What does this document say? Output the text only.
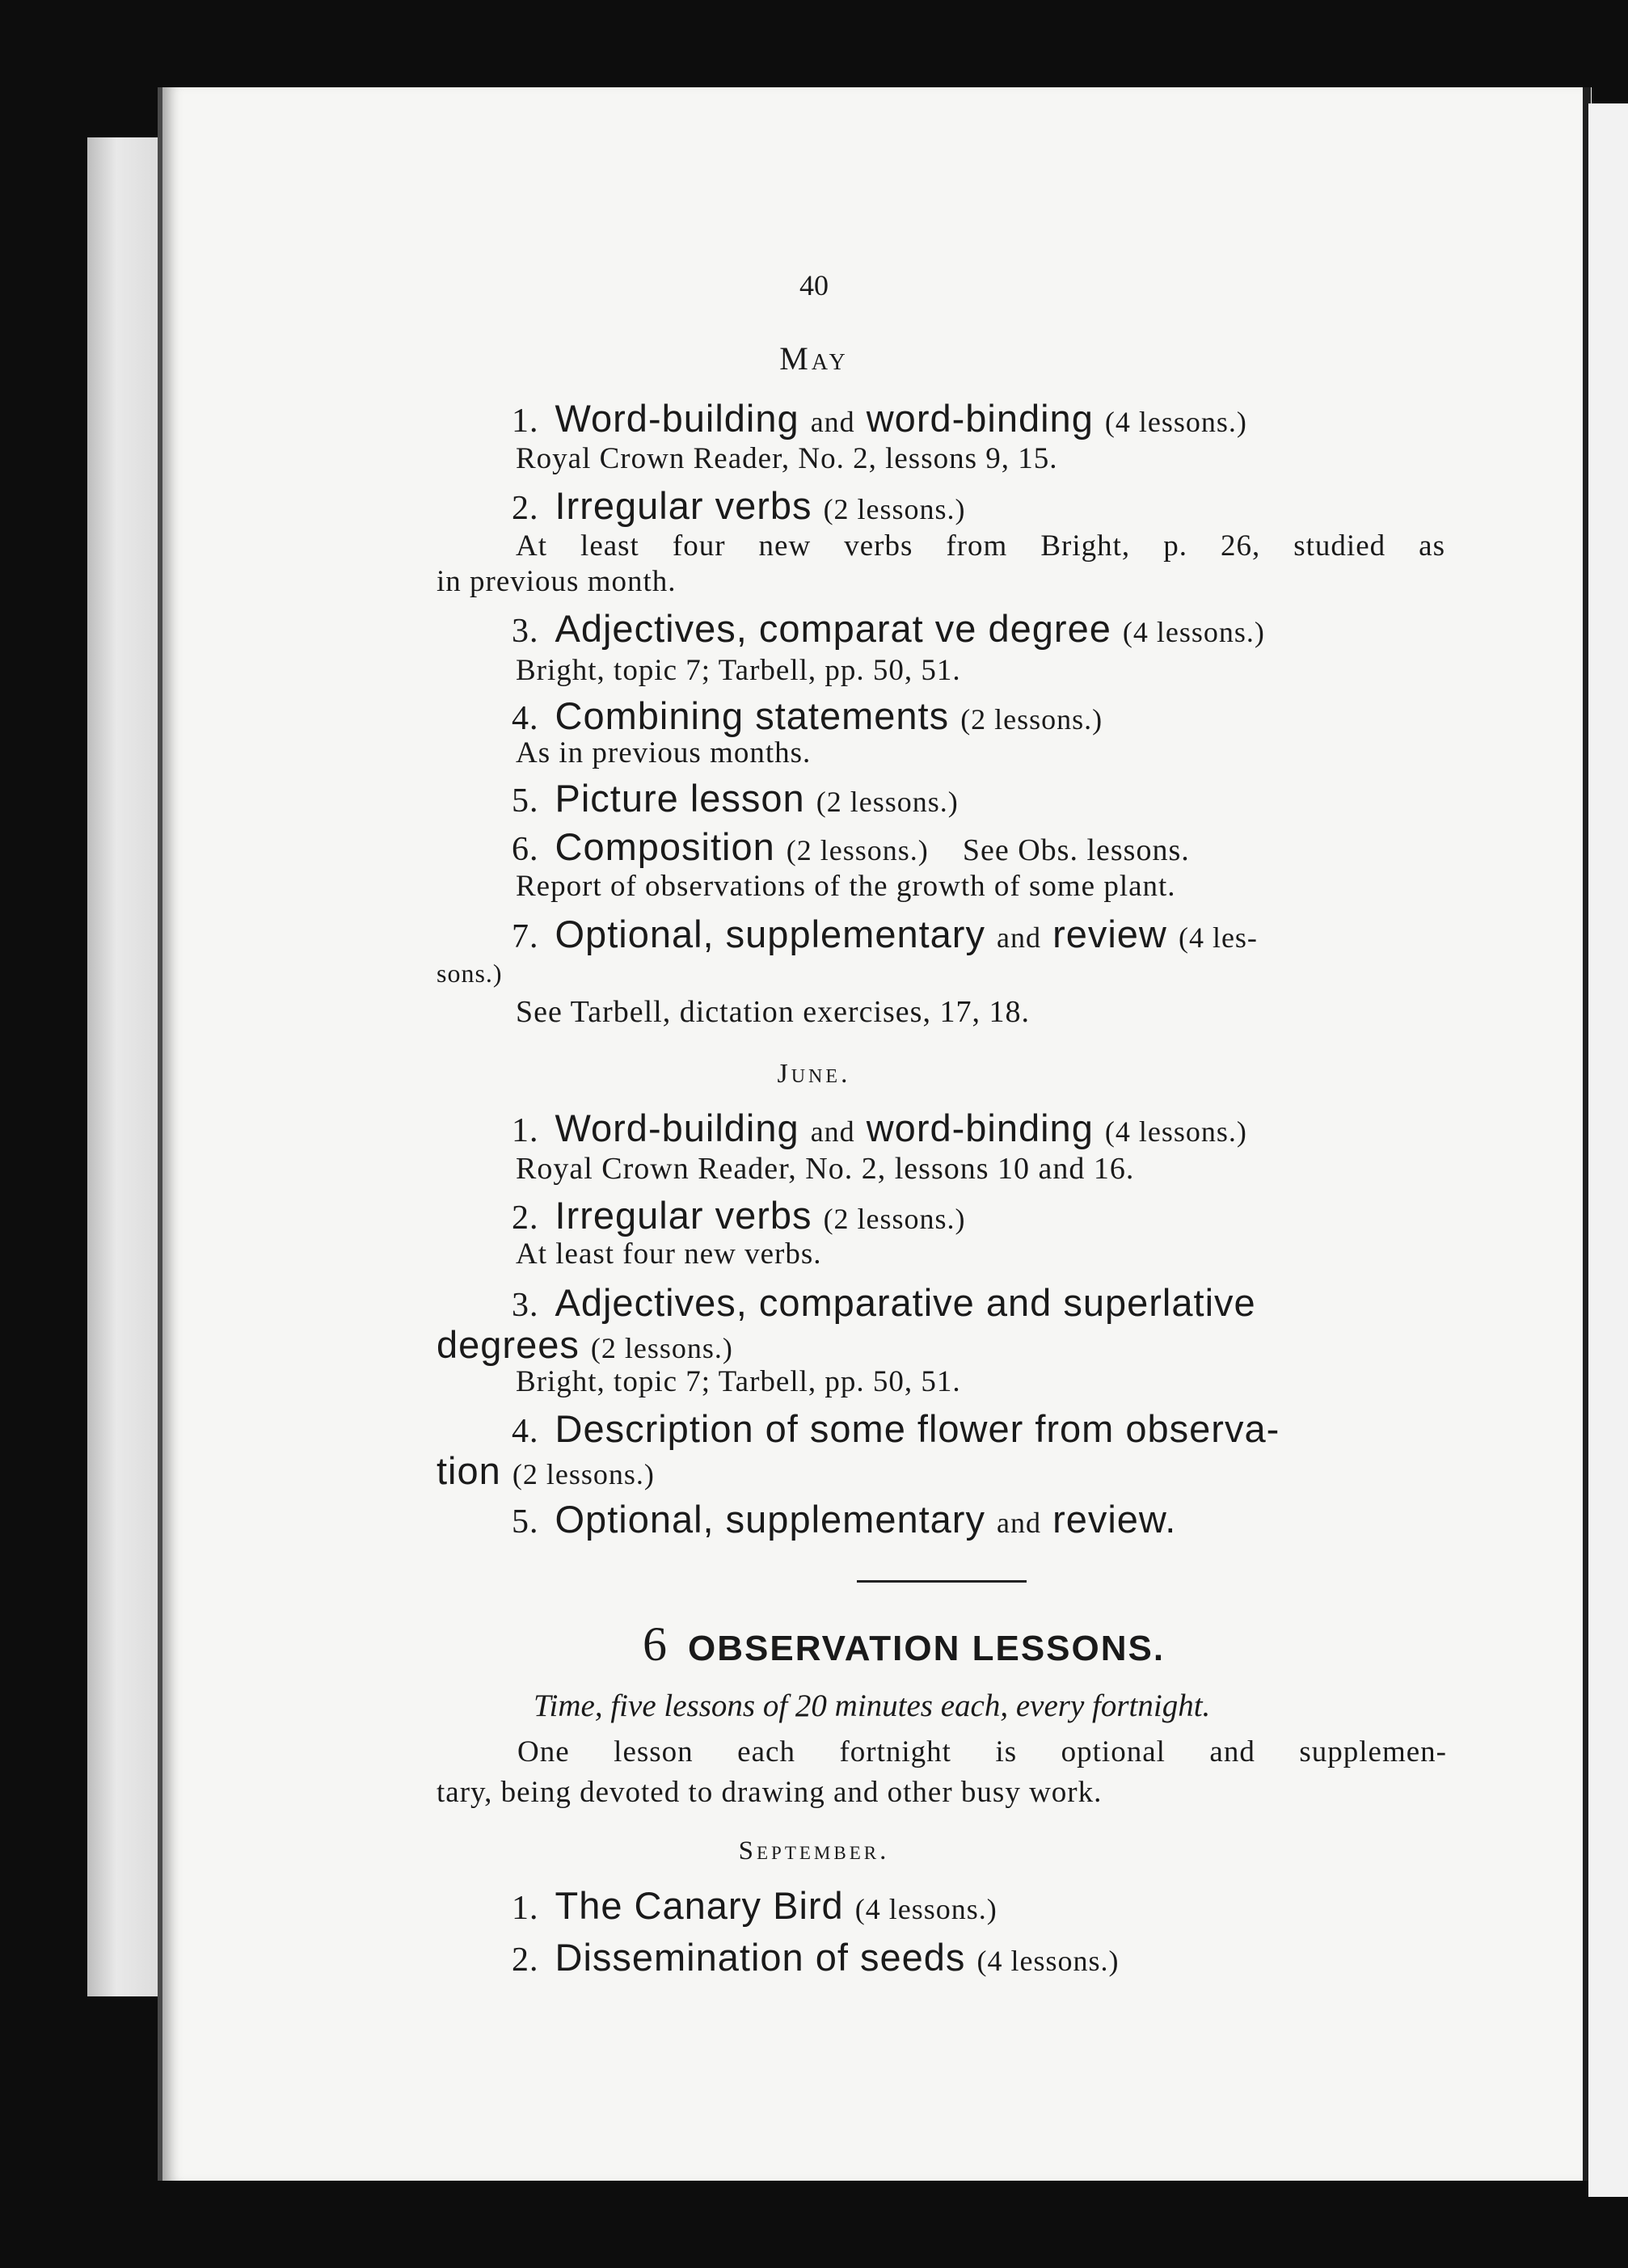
40
May
1. Word-building and word-binding (4 lessons.)
Royal Crown Reader, No. 2, lessons 9, 15.
2. Irregular verbs (2 lessons.)
At least four new verbs from Bright, p. 26, studied as
in previous month.
3. Adjectives, comparat ve degree (4 lessons.)
Bright, topic 7; Tarbell, pp. 50, 51.
4. Combining statements (2 lessons.)
As in previous months.
5. Picture lesson (2 lessons.)
6. Composition (2 lessons.) See Obs. lessons.
Report of observations of the growth of some plant.
7. Optional, supplementary and review (4 les-
sons.)
See Tarbell, dictation exercises, 17, 18.
June.
1. Word-building and word-binding (4 lessons.)
Royal Crown Reader, No. 2, lessons 10 and 16.
2. Irregular verbs (2 lessons.)
At least four new verbs.
3. Adjectives, comparative and superlative
degrees (2 lessons.)
Bright, topic 7; Tarbell, pp. 50, 51.
4. Description of some flower from observa-
tion (2 lessons.)
5. Optional, supplementary and review.
6 OBSERVATION LESSONS.
Time, five lessons of 20 minutes each, every fortnight.
One lesson each fortnight is optional and supplemen-
tary, being devoted to drawing and other busy work.
September.
1. The Canary Bird (4 lessons.)
2. Dissemination of seeds (4 lessons.)
